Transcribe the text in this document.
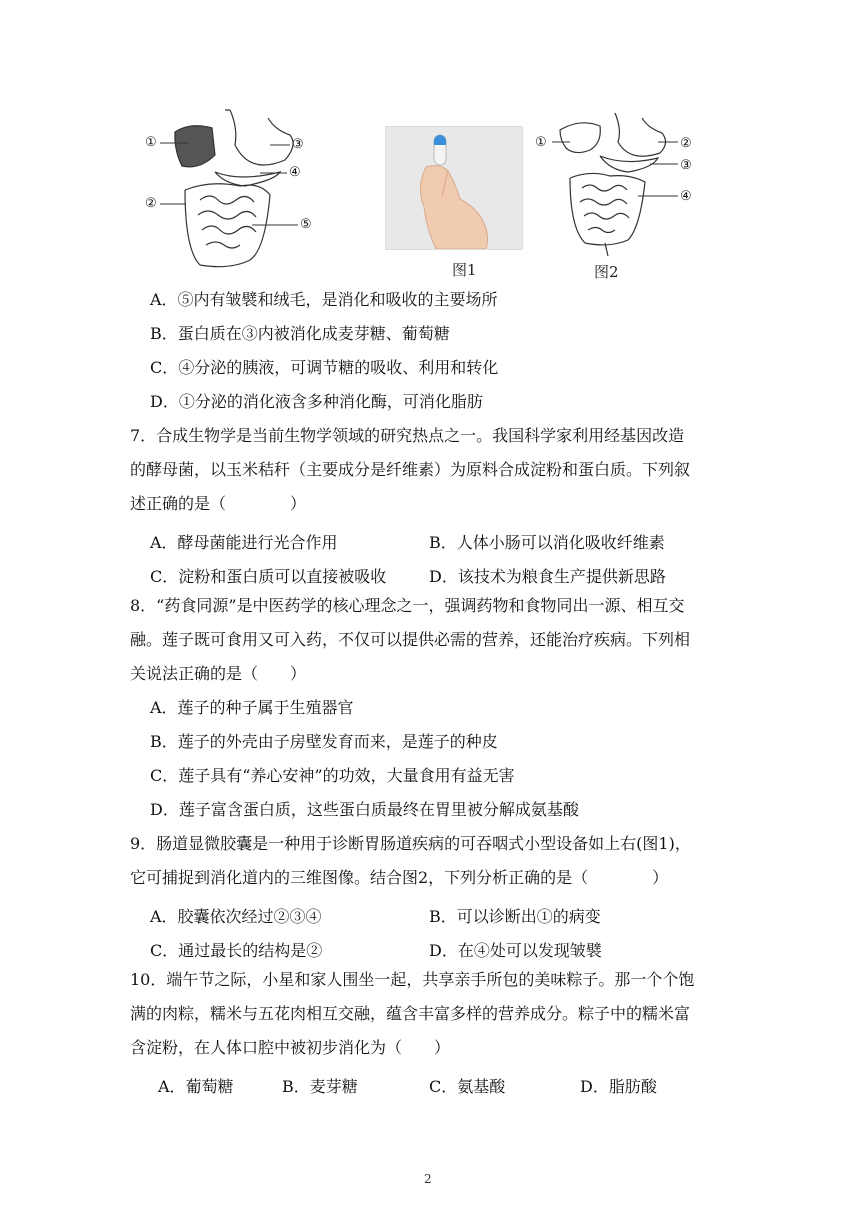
①
②
③
④
⑤
图1
①	②
③
④
图2
A．⑤内有皱襞和绒毛，是消化和吸收的主要场所
B．蛋白质在③内被消化成麦芽糖、葡萄糖
C．④分泌的胰液，可调节糖的吸收、利用和转化
D．①分泌的消化液含多种消化酶，可消化脂肪
7．合成生物学是当前生物学领域的研究热点之一。我国科学家利用经基因改造
的酵母菌，以玉米秸秆（主要成分是纤维素）为原料合成淀粉和蛋白质。下列叙
述正确的是（　　　　）
A．酵母菌能进行光合作用	B．人体小肠可以消化吸收纤维素
C．淀粉和蛋白质可以直接被吸收	D．该技术为粮食生产提供新思路
8．“药食同源”是中医药学的核心理念之一，强调药物和食物同出一源、相互交
融。莲子既可食用又可入药，不仅可以提供必需的营养，还能治疗疾病。下列相
关说法正确的是（　　）
A．莲子的种子属于生殖器官
B．莲子的外壳由子房壁发育而来，是莲子的种皮
C．莲子具有“养心安神”的功效，大量食用有益无害
D．莲子富含蛋白质，这些蛋白质最终在胃里被分解成氨基酸
9．肠道显微胶囊是一种用于诊断胃肠道疾病的可吞咽式小型设备如上右(图1)，
它可捕捉到消化道内的三维图像。结合图2，下列分析正确的是（　　　　）
A．胶囊依次经过②③④	B．可以诊断出①的病变
C．通过最长的结构是②	D．在④处可以发现皱襞
10．端午节之际，小星和家人围坐一起，共享亲手所包的美味粽子。那一个个饱
满的肉粽，糯米与五花肉相互交融，蕴含丰富多样的营养成分。粽子中的糯米富
含淀粉，在人体口腔中被初步消化为（　　）
A．葡萄糖	B．麦芽糖	C．氨基酸	D．脂肪酸
2
